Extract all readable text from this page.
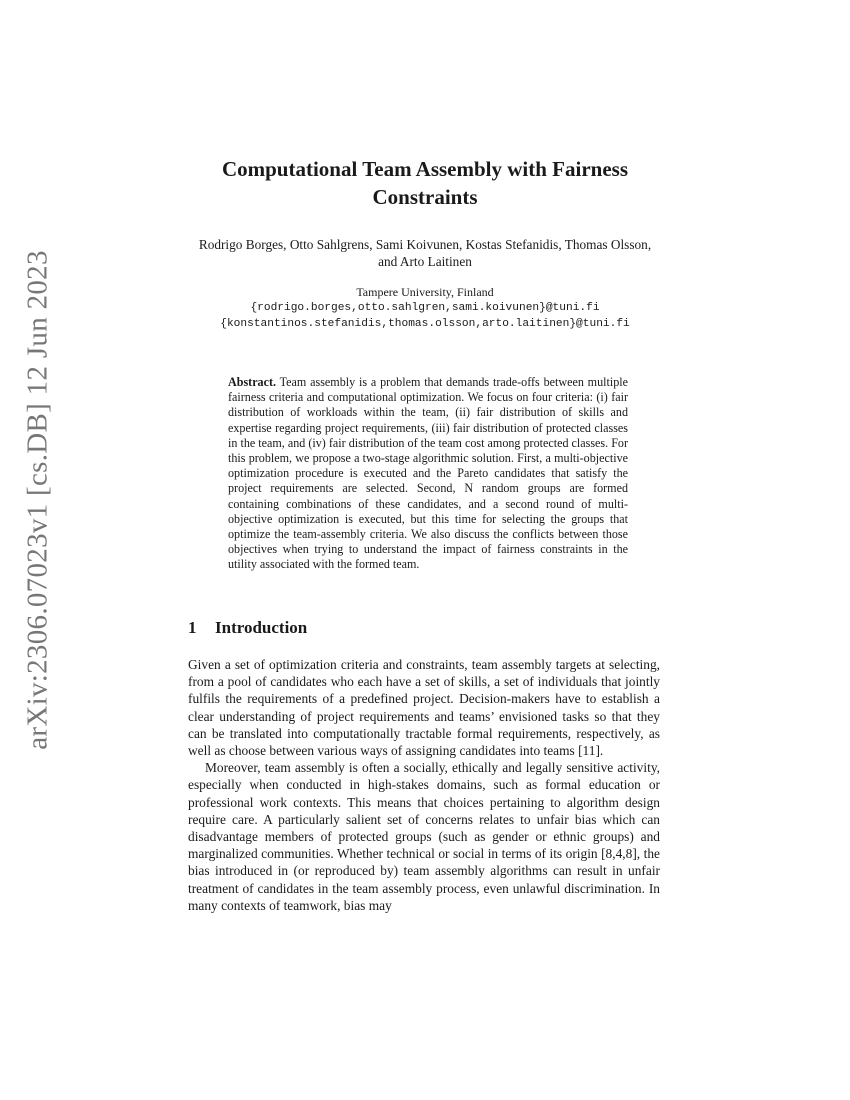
arXiv:2306.07023v1 [cs.DB] 12 Jun 2023
Computational Team Assembly with Fairness Constraints

Rodrigo Borges, Otto Sahlgrens, Sami Koivunen, Kostas Stefanidis, Thomas Olsson, and Arto Laitinen

Tampere University, Finland
{rodrigo.borges,otto.sahlgren,sami.koivunen}@tuni.fi
{konstantinos.stefanidis,thomas.olsson,arto.laitinen}@tuni.fi

Abstract. Team assembly is a problem that demands trade-offs between multiple fairness criteria and computational optimization. We focus on four criteria: (i) fair distribution of workloads within the team, (ii) fair distribution of skills and expertise regarding project requirements, (iii) fair distribution of protected classes in the team, and (iv) fair distribution of the team cost among protected classes. For this problem, we propose a two-stage algorithmic solution. First, a multi-objective optimization procedure is executed and the Pareto candidates that satisfy the project requirements are selected. Second, N random groups are formed containing combinations of these candidates, and a second round of multi-objective optimization is executed, but this time for selecting the groups that optimize the team-assembly criteria. We also discuss the conflicts between those objectives when trying to understand the impact of fairness constraints in the utility associated with the formed team.

1 Introduction

Given a set of optimization criteria and constraints, team assembly targets at selecting, from a pool of candidates who each have a set of skills, a set of individuals that jointly fulfils the requirements of a predefined project. Decision-makers have to establish a clear understanding of project requirements and teams’ envisioned tasks so that they can be translated into computationally tractable formal requirements, respectively, as well as choose between various ways of assigning candidates into teams [11].

Moreover, team assembly is often a socially, ethically and legally sensitive activity, especially when conducted in high-stakes domains, such as formal education or professional work contexts. This means that choices pertaining to algorithm design require care. A particularly salient set of concerns relates to unfair bias which can disadvantage members of protected groups (such as gender or ethnic groups) and marginalized communities. Whether technical or social in terms of its origin [8,4,8], the bias introduced in (or reproduced by) team assembly algorithms can result in unfair treatment of candidates in the team assembly process, even unlawful discrimination. In many contexts of teamwork, bias may
